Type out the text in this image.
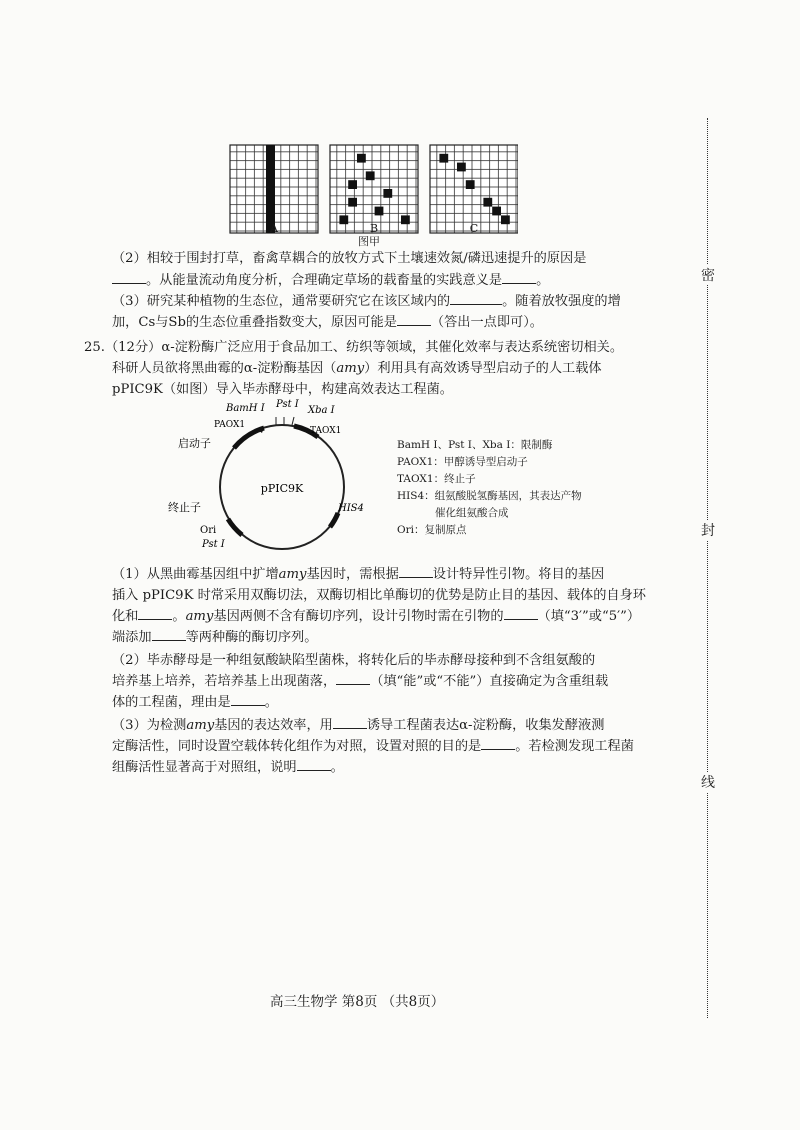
密
封
线
A	B	C
图甲
（2）相较于围封打草，畜禽草耦合的放牧方式下土壤速效氮/磷迅速提升的原因是
。从能量流动角度分析，合理确定草场的载畜量的实践意义是	。
（3）研究某种植物的生态位，通常要研究它在该区域内的	。随着放牧强度的增
加，Cs与Sb的生态位重叠指数变大，原因可能是	（答出一点即可）。
25.（12分）α-淀粉酶广泛应用于食品加工、纺织等领域，其催化效率与表达系统密切相关。
科研人员欲将黑曲霉的α-淀粉酶基因（amy）利用具有高效诱导型启动子的人工载体
pPIC9K（如图）导入毕赤酵母中，构建高效表达工程菌。
pPIC9K
BamH I Pst I
Xba I
PAOX1
TAOX1
启动子
终止子	HIS4
Ori
Pst I
BamH I、Pst I、Xba I：限制酶
PAOX1：甲醇诱导型启动子
TAOX1：终止子
HIS4：组氨酸脱氢酶基因，其表达产物
催化组氨酸合成
Ori：复制原点
（1）从黑曲霉基因组中扩增amy基因时，需根据	设计特异性引物。将目的基因
插入 pPIC9K 时常采用双酶切法，双酶切相比单酶切的优势是防止目的基因、载体的自身环
化和	。amy基因两侧不含有酶切序列，设计引物时需在引物的	（填“3′”或“5′”）
端添加	等两种酶的酶切序列。
（2）毕赤酵母是一种组氨酸缺陷型菌株，将转化后的毕赤酵母接种到不含组氨酸的
培养基上培养，若培养基上出现菌落，	（填“能”或“不能”）直接确定为含重组载
体的工程菌，理由是	。
（3）为检测amy基因的表达效率，用	诱导工程菌表达α-淀粉酶，收集发酵液测
定酶活性，同时设置空载体转化组作为对照，设置对照的目的是	。若检测发现工程菌
组酶活性显著高于对照组，说明	。
高三生物学 第8页 （共8页）
